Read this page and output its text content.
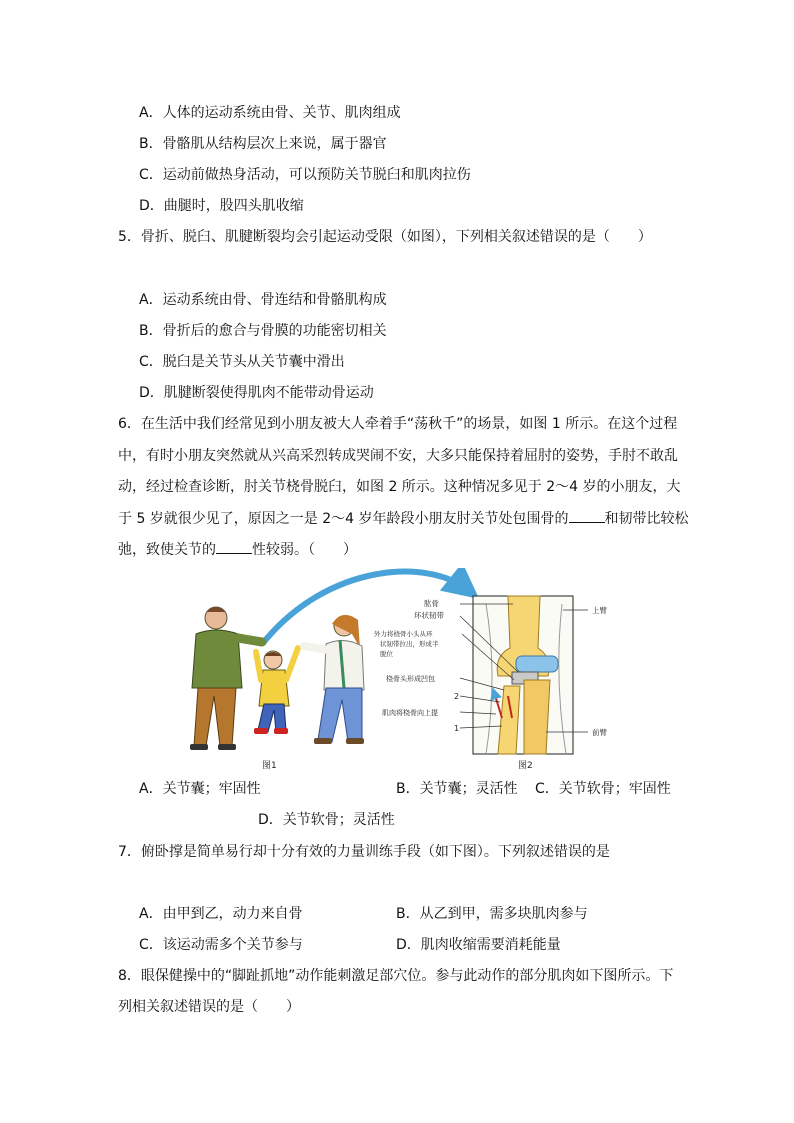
A．人体的运动系统由骨、关节、肌肉组成
B．骨骼肌从结构层次上来说，属于器官
C．运动前做热身活动，可以预防关节脱臼和肌肉拉伤
D．曲腿时，股四头肌收缩
5．骨折、脱臼、肌腱断裂均会引起运动受限（如图），下列相关叙述错误的是（　　）
A．运动系统由骨、骨连结和骨骼肌构成
B．骨折后的愈合与骨膜的功能密切相关
C．脱臼是关节头从关节囊中滑出
D．肌腱断裂使得肌肉不能带动骨运动
6．在生活中我们经常见到小朋友被大人牵着手“荡秋千”的场景，如图 1 所示。在这个过程
中，有时小朋友突然就从兴高采烈转成哭闹不安，大多只能保持着屈肘的姿势，手肘不敢乱
动，经过检查诊断，肘关节桡骨脱臼，如图 2 所示。这种情况多见于 2～4 岁的小朋友，大
于 5 岁就很少见了，原因之一是 2～4 岁年龄段小朋友肘关节处包围骨的	和韧带比较松
弛，致使关节的	性较弱。（　　）
图1
肱骨
环状韧带
外力将桡骨小头从环
状韧带拉出，形成半
脱位
桡骨头形成凹包
2
肌肉将桡骨向上提
1
上臂
前臂
图2
A．关节囊；牢固性	B．关节囊；灵活性 C．关节软骨；牢固性
D．关节软骨；灵活性
7．俯卧撑是简单易行却十分有效的力量训练手段（如下图）。下列叙述错误的是
A．由甲到乙，动力来自骨	B．从乙到甲，需多块肌肉参与
C．该运动需多个关节参与	D．肌肉收缩需要消耗能量
8．眼保健操中的“脚趾抓地”动作能刺激足部穴位。参与此动作的部分肌肉如下图所示。下
列相关叙述错误的是（　　）
